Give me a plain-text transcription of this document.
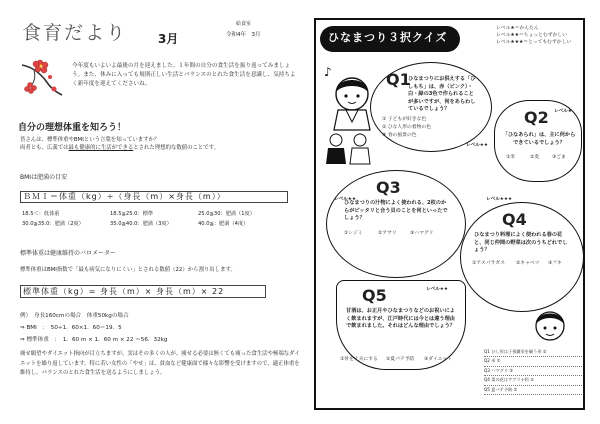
食育だより	3月
給食室
令和4年　3月
今年度もいよいよ最後の月を迎えました。１年間の自分の食生活を振り返ってみましょう。また、休みに入っても規則正しい生活とバランスのとれた食生活を意識し、気持ちよく新年度を迎えてくださいね。
自分の理想体重を知ろう！
皆さんは、標準体重やBMIという言葉を知っていますか？
両者とも、広義では最も健康的に生活ができるとされた理想的な数値のことです。
BMIは肥満の目安
ＢＭＩ＝体重（kg）÷（身長（m）×身長（m））
18.5＜：低体重	18.5≦25.0：標準	25.0≦30：肥満（1度）
30.0≦35.0：肥満（2度）	35.0≦40.0：肥満（3度）	40.0≦：肥満（4度）
標準体重は健康維持のバロメーター
標準体重はBMI指数で「最も病気になりにくい」とされる数値（22）から割り出します。
標準体重（kg）= 身長（m）× 身長（m）× 22
例）　身長160cmの場合　体重50kgの場合
⇒ BMI　：　50÷1．60×1．60＝19．5
⇒ 標準体重　：　1．60 m × 1．60 m × 22 ＝56．32kg
痩せ願望やダイエット指向が目立ちますが、実はその多くの人が、痩せる必要は無くても痩った食生活や極端なダイエットを繰り返しています。特に若い女性の「やせ」は、貧血など健康面で様々な影響を受けますので、適正体重を維持し、バランスのとれた食生活を送るようにしましょう。
ひなまつり３択クイズ
レベル★＝かんたん
レベル★★＝ちょっとむずかしい
レベル★★★＝とってもむずかしい
♪	Q1
ひなまつりにお供えする「ひしもち」は、赤（ピンク）・白・緑の3色で作られることが多いですが、何をあらわしているでしょう？
① 子どもが好きな色
② ひな人形の着物の色
③ 春の風景の色
レベル★★
Q2
「ひなあられ」は、主に何から できているでしょう？
①米	②麦	③ごま
レベル★
Q3
ひなまつりの汁物によく使われる、2枚のからがピッタリと合う貝のことを何といったでしょう？
①シジミ	②アサリ	③ハマグリ
レベル★★
Q4
ひなまつり料理によく使われる春の花と、同じ仲間の野菜は次のうちどれでしょう？
①アスパラガス ②キャベツ ③フキ
レベル★★★
Q5
甘酒は、お正月やひなまつりなどのお祝いによく飲まれますが、江戸時代には今とは違う理由で飲まれました。それはどんな理由でしょう？
①骨を丈夫にする ②夏バテ予防 ③ダイエット
レベル★★
Q1 ひし形は子孫繁栄を願う形 ①
Q2 米 ①
Q3 ハマグリ ③
Q4 菜の花はアブラナ科 ②
Q5 夏バテ予防 ②
